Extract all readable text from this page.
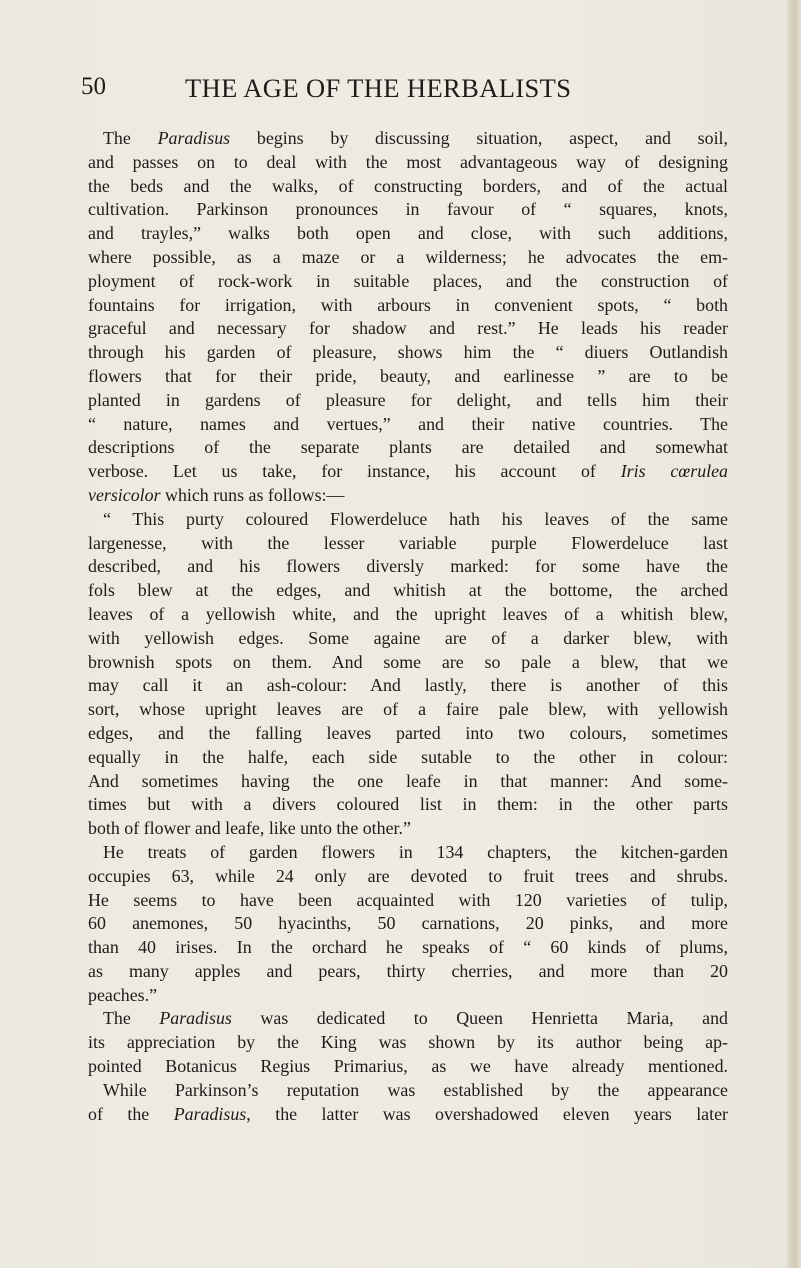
50	THE AGE OF THE HERBALISTS
The Paradisus begins by discussing situation, aspect, and soil,
and passes on to deal with the most advantageous way of designing
the beds and the walks, of constructing borders, and of the actual
cultivation. Parkinson pronounces in favour of “ squares, knots,
and trayles,” walks both open and close, with such additions,
where possible, as a maze or a wilderness; he advocates the em-
ployment of rock-work in suitable places, and the construction of
fountains for irrigation, with arbours in convenient spots, “ both
graceful and necessary for shadow and rest.” He leads his reader
through his garden of pleasure, shows him the “ diuers Outlandish
flowers that for their pride, beauty, and earlinesse ” are to be
planted in gardens of pleasure for delight, and tells him their
“ nature, names and vertues,” and their native countries. The
descriptions of the separate plants are detailed and somewhat
verbose. Let us take, for instance, his account of Iris cœrulea
versicolor which runs as follows:—
“ This purty coloured Flowerdeluce hath his leaves of the same
largenesse, with the lesser variable purple Flowerdeluce last
described, and his flowers diversly marked: for some have the
fols blew at the edges, and whitish at the bottome, the arched
leaves of a yellowish white, and the upright leaves of a whitish blew,
with yellowish edges. Some againe are of a darker blew, with
brownish spots on them. And some are so pale a blew, that we
may call it an ash-colour: And lastly, there is another of this
sort, whose upright leaves are of a faire pale blew, with yellowish
edges, and the falling leaves parted into two colours, sometimes
equally in the halfe, each side sutable to the other in colour:
And sometimes having the one leafe in that manner: And some-
times but with a divers coloured list in them: in the other parts
both of flower and leafe, like unto the other.”
He treats of garden flowers in 134 chapters, the kitchen-garden
occupies 63, while 24 only are devoted to fruit trees and shrubs.
He seems to have been acquainted with 120 varieties of tulip,
60 anemones, 50 hyacinths, 50 carnations, 20 pinks, and more
than 40 irises. In the orchard he speaks of “ 60 kinds of plums,
as many apples and pears, thirty cherries, and more than 20
peaches.”
The Paradisus was dedicated to Queen Henrietta Maria, and
its appreciation by the King was shown by its author being ap-
pointed Botanicus Regius Primarius, as we have already mentioned.
While Parkinson’s reputation was established by the appearance
of the Paradisus, the latter was overshadowed eleven years later
